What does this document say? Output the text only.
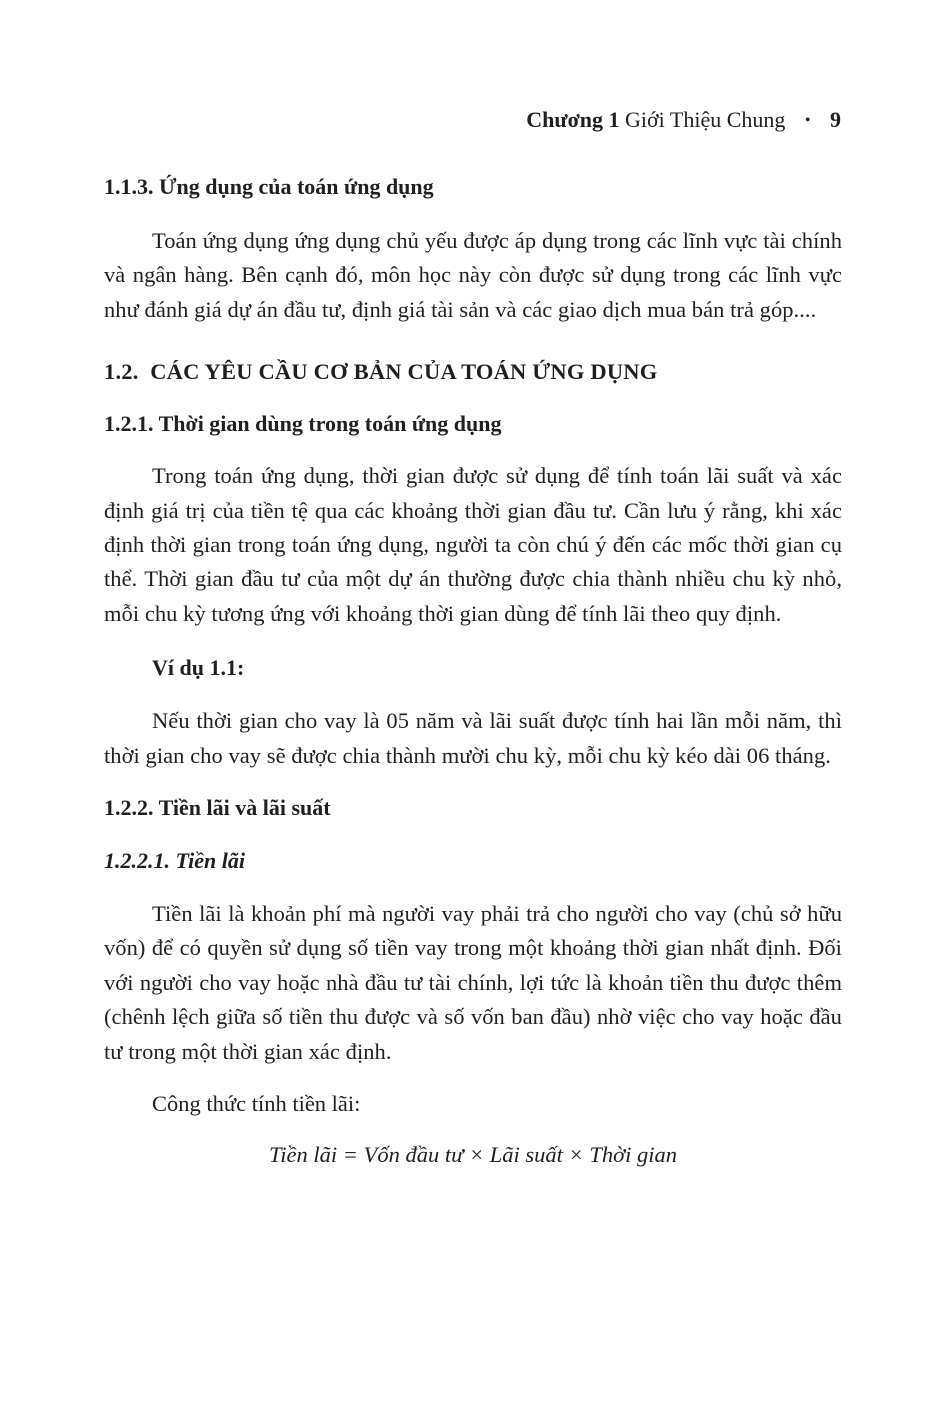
Chương 1 Giới Thiệu Chung • 9
1.1.3. Ứng dụng của toán ứng dụng

Toán ứng dụng ứng dụng chủ yếu được áp dụng trong các lĩnh vực tài chính và ngân hàng. Bên cạnh đó, môn học này còn được sử dụng trong các lĩnh vực như đánh giá dự án đầu tư, định giá tài sản và các giao dịch mua bán trả góp....

1.2.  CÁC YÊU CẦU CƠ BẢN CỦA TOÁN ỨNG DỤNG
1.2.1. Thời gian dùng trong toán ứng dụng

Trong toán ứng dụng, thời gian được sử dụng để tính toán lãi suất và xác định giá trị của tiền tệ qua các khoảng thời gian đầu tư. Cần lưu ý rằng, khi xác định thời gian trong toán ứng dụng, người ta còn chú ý đến các mốc thời gian cụ thể. Thời gian đầu tư của một dự án thường được chia thành nhiều chu kỳ nhỏ, mỗi chu kỳ tương ứng với khoảng thời gian dùng để tính lãi theo quy định.

Ví dụ 1.1:

Nếu thời gian cho vay là 05 năm và lãi suất được tính hai lần mỗi năm, thì thời gian cho vay sẽ được chia thành mười chu kỳ, mỗi chu kỳ kéo dài 06 tháng.

1.2.2. Tiền lãi và lãi suất
1.2.2.1. Tiền lãi

Tiền lãi là khoản phí mà người vay phải trả cho người cho vay (chủ sở hữu vốn) để có quyền sử dụng số tiền vay trong một khoảng thời gian nhất định. Đối với người cho vay hoặc nhà đầu tư tài chính, lợi tức là khoản tiền thu được thêm (chênh lệch giữa số tiền thu được và số vốn ban đầu) nhờ việc cho vay hoặc đầu tư trong một thời gian xác định.

Công thức tính tiền lãi:
Tiền lãi = Vốn đầu tư × Lãi suất × Thời gian
